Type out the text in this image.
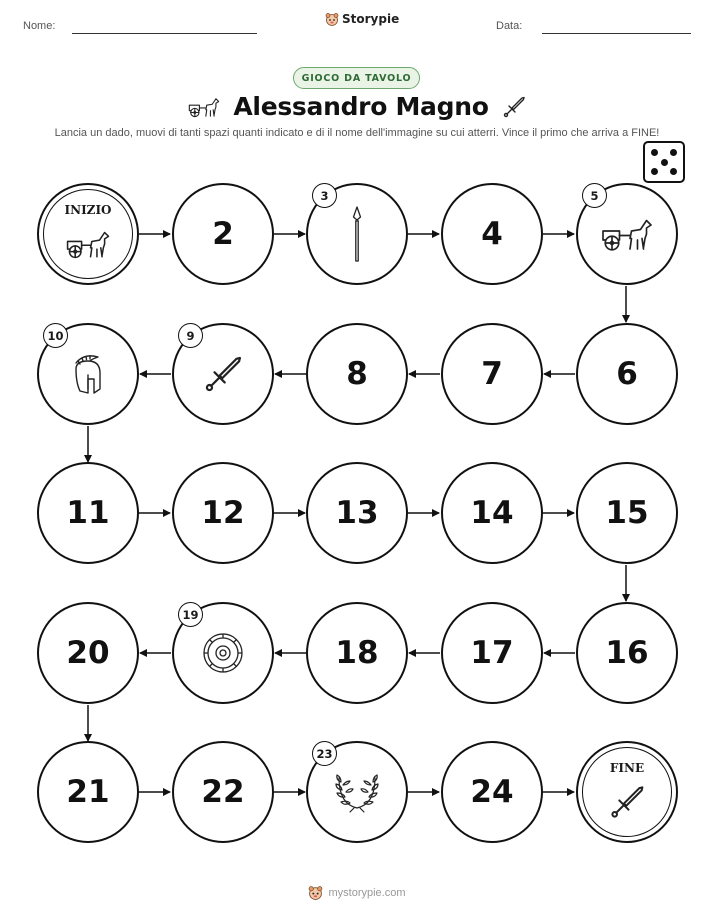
Nome:	Storypie	Data:
GIOCO DA TAVOLO
Alessandro Magno
Lancia un dado, muovi di tanti spazi quanti indicato e di il nome dell'immagine su cui atterri. Vince il primo che arriva a FINE!
INIZIO
2
3
4
5
10	9
8	7	6
11	12	13	14	15
20
19
18	17	16
21	22
23
24
FINE
mystorypie.com
